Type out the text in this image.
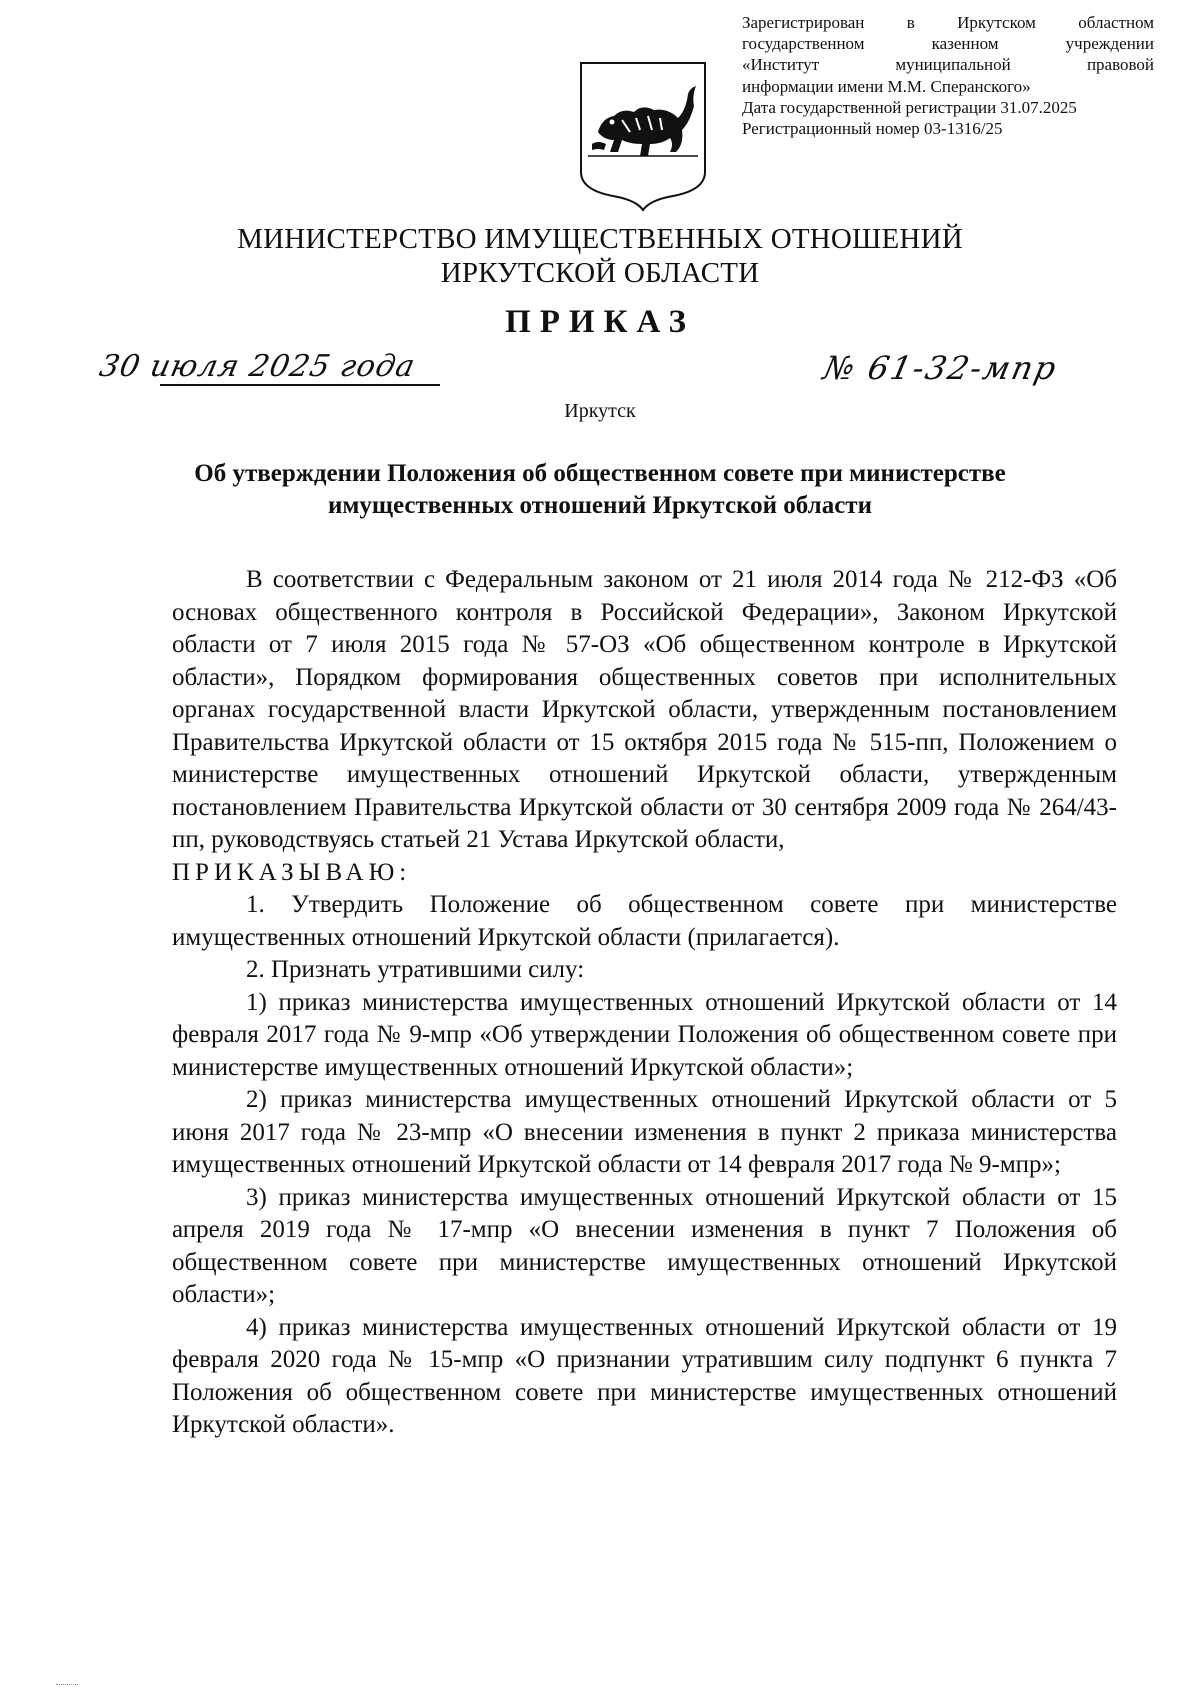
Зарегистрирован в Иркутском областном
государственном казенном учреждении
«Институт муниципальной правовой
информации имени М.М. Сперанского»
Дата государственной регистрации 31.07.2025
Регистрационный номер 03-1316/25
МИНИСТЕРСТВО ИМУЩЕСТВЕННЫХ ОТНОШЕНИЙ
ИРКУТСКОЙ ОБЛАСТИ
ПРИКАЗ
30 июля 2025 года	№ 61-32-мпр
Иркутск
Об утверждении Положения об общественном совете при министерстве
имущественных отношений Иркутской области

В соответствии с Федеральным законом от 21 июля 2014 года № 212-ФЗ «Об основах общественного контроля в Российской Федерации», Законом Иркутской области от 7 июля 2015 года № 57-ОЗ «Об общественном контроле в Иркутской области», Порядком формирования общественных советов при исполнительных органах государственной власти Иркутской области, утвержденным постановлением Правительства Иркутской области от 15 октября 2015 года № 515-пп, Положением о министерстве имущественных отношений Иркутской области, утвержденным постановлением Правительства Иркутской области от 30 сентября 2009 года № 264/43-пп, руководствуясь статьей 21 Устава Иркутской области,

ПРИКАЗЫВАЮ:

1. Утвердить Положение об общественном совете при министерстве имущественных отношений Иркутской области (прилагается).

2. Признать утратившими силу:

1) приказ министерства имущественных отношений Иркутской области от 14 февраля 2017 года № 9-мпр «Об утверждении Положения об общественном совете при министерстве имущественных отношений Иркутской области»;

2) приказ министерства имущественных отношений Иркутской области от 5 июня 2017 года № 23-мпр «О внесении изменения в пункт 2 приказа министерства имущественных отношений Иркутской области от 14 февраля 2017 года № 9-мпр»;

3) приказ министерства имущественных отношений Иркутской области от 15 апреля 2019 года № 17-мпр «О внесении изменения в пункт 7 Положения об общественном совете при министерстве имущественных отношений Иркутской области»;

4) приказ министерства имущественных отношений Иркутской области от 19 февраля 2020 года № 15-мпр «О признании утратившим силу подпункт 6 пункта 7 Положения об общественном совете при министерстве имущественных отношений Иркутской области».
